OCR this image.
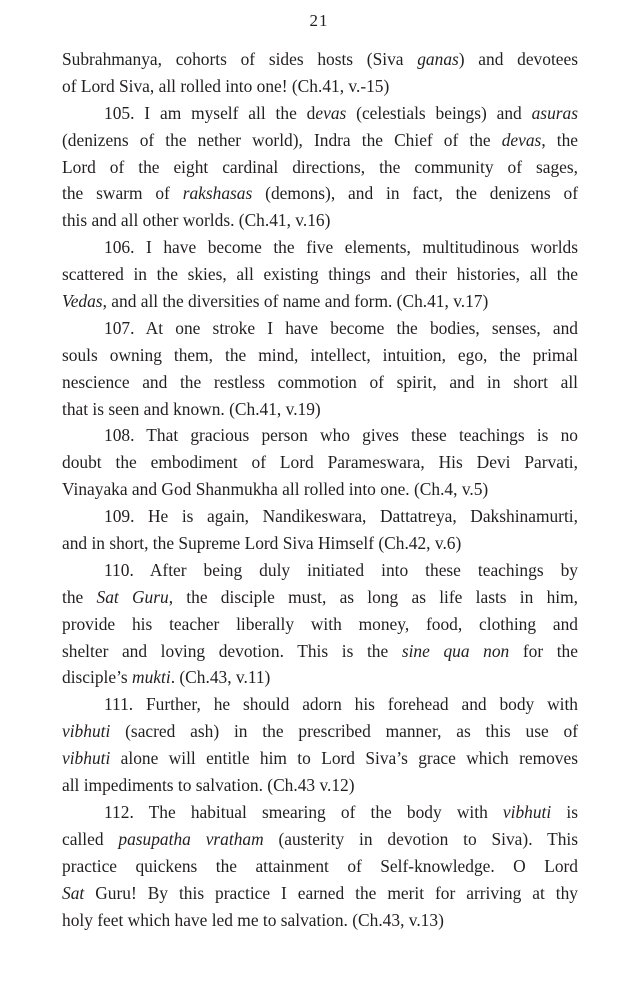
21
Subrahmanya, cohorts of sides hosts (Siva ganas) and devotees
of Lord Siva, all rolled into one! (Ch.41, v.-15)
105. I am myself all the devas (celestials beings) and asuras
(denizens of the nether world), Indra the Chief of the devas, the
Lord of the eight cardinal directions, the community of sages,
the swarm of rakshasas (demons), and in fact, the denizens of
this and all other worlds. (Ch.41, v.16)
106. I have become the five elements, multitudinous worlds
scattered in the skies, all existing things and their histories, all the
Vedas, and all the diversities of name and form. (Ch.41, v.17)
107. At one stroke I have become the bodies, senses, and
souls owning them, the mind, intellect, intuition, ego, the primal
nescience and the restless commotion of spirit, and in short all
that is seen and known. (Ch.41, v.19)
108. That gracious person who gives these teachings is no
doubt the embodiment of Lord Parameswara, His Devi Parvati,
Vinayaka and God Shanmukha all rolled into one. (Ch.4, v.5)
109. He is again, Nandikeswara, Dattatreya, Dakshinamurti,
and in short, the Supreme Lord Siva Himself (Ch.42, v.6)
110. After being duly initiated into these teachings by
the Sat Guru, the disciple must, as long as life lasts in him,
provide his teacher liberally with money, food, clothing and
shelter and loving devotion. This is the sine qua non for the
disciple’s mukti. (Ch.43, v.11)
111. Further, he should adorn his forehead and body with
vibhuti (sacred ash) in the prescribed manner, as this use of
vibhuti alone will entitle him to Lord Siva’s grace which removes
all impediments to salvation. (Ch.43 v.12)
112. The habitual smearing of the body with vibhuti is
called pasupatha vratham (austerity in devotion to Siva). This
practice quickens the attainment of Self-knowledge. O Lord
Sat Guru! By this practice I earned the merit for arriving at thy
holy feet which have led me to salvation. (Ch.43, v.13)
